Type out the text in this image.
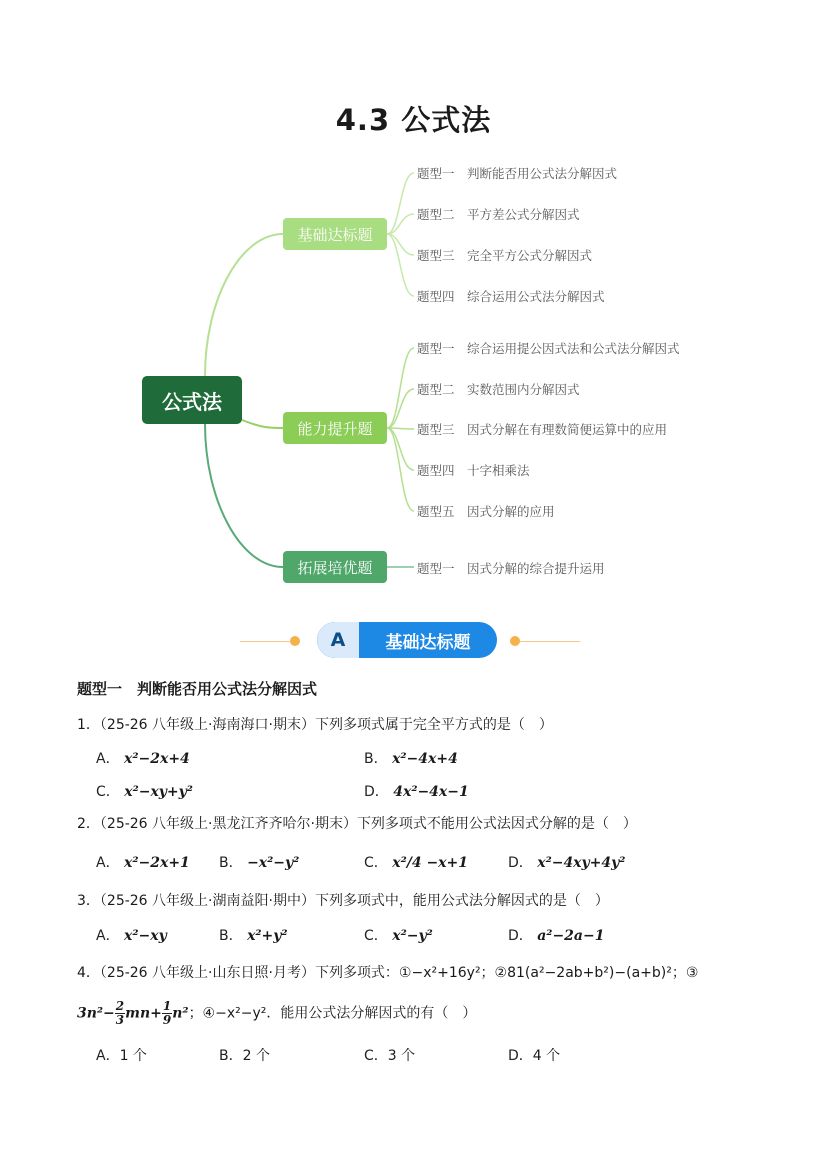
4.3 公式法
公式法
基础达标题
能力提升题
拓展培优题
题型一 判断能否用公式法分解因式
题型二 平方差公式分解因式
题型三 完全平方公式分解因式
题型四 综合运用公式法分解因式
题型一 综合运用提公因式法和公式法分解因式
题型二 实数范围内分解因式
题型三 因式分解在有理数简便运算中的应用
题型四 十字相乘法
题型五 因式分解的应用
题型一 因式分解的综合提升运用
A	基础达标题
题型一　判断能否用公式法分解因式
1．（25-26 八年级上·海南海口·期末）下列多项式属于完全平方式的是（　）
A． x²−2x+4	B． x²−4x+4
C． x²−xy+y²	D． 4x²−4x−1
2．（25-26 八年级上·黑龙江齐齐哈尔·期末）下列多项式不能用公式法因式分解的是（　）
A． x²−2x+1 B． −x²−y²	C． x²/4 −x+1	D． x²−4xy+4y²
3．（25-26 八年级上·湖南益阳·期中）下列多项式中，能用公式法分解因式的是（　）
A． x²−xy	B． x²+y²	C． x²−y²	D． a²−2a−1
4．（25-26 八年级上·山东日照·月考）下列多项式：①−x²+16y²；②81(a²−2ab+b²)−(a+b)²；③
$3n^2- \frac{2}{3} mn+ \frac{1}{9} n^2$；④−x²−y²．能用公式法分解因式的有（　）
A．1 个	B．2 个	C．3 个	D．4 个
